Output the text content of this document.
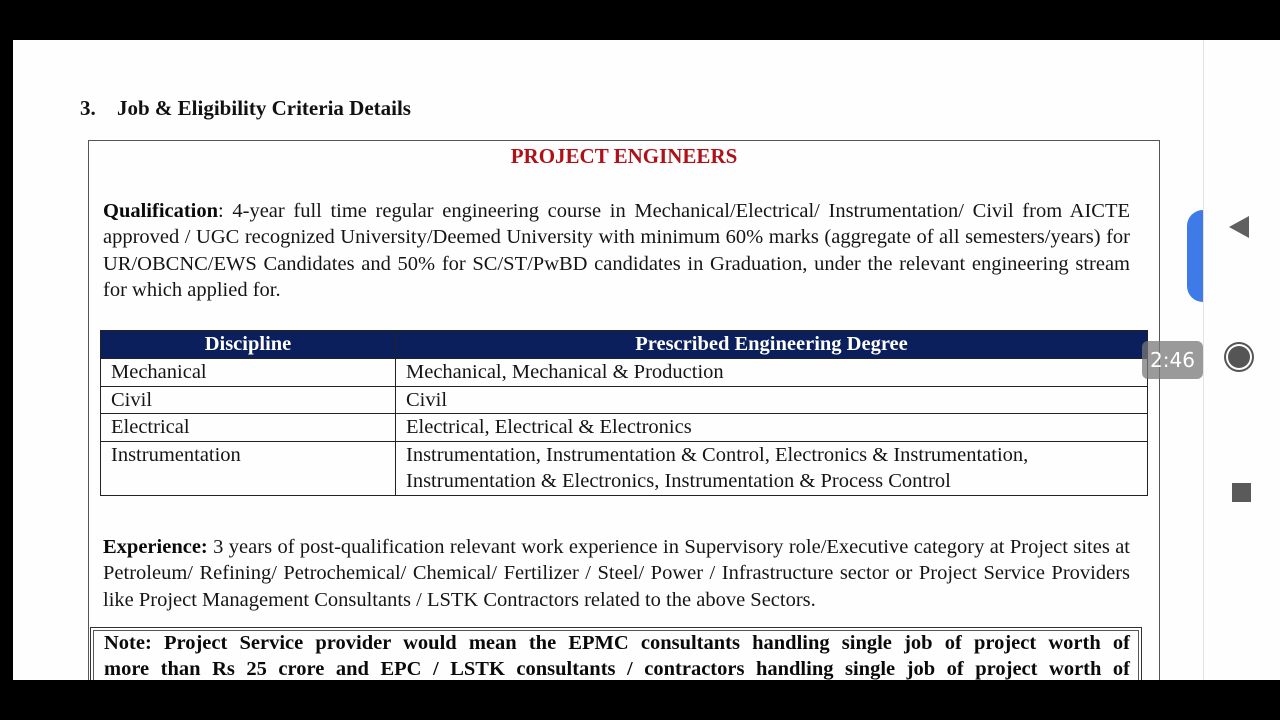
3. Job & Eligibility Criteria Details
PROJECT ENGINEERS
Qualification: 4-year full time regular engineering course in Mechanical/Electrical/ Instrumentation/ Civil from AICTE approved / UGC recognized University/Deemed University with minimum 60% marks (aggregate of all semesters/years) for UR/OBCNC/EWS Candidates and 50% for SC/ST/PwBD candidates in Graduation, under the relevant engineering stream for which applied for.
Discipline	Prescribed Engineering Degree
Mechanical	Mechanical, Mechanical & Production
Civil	Civil
Electrical	Electrical, Electrical & Electronics
Instrumentation	Instrumentation, Instrumentation & Control, Electronics & Instrumentation, Instrumentation & Electronics, Instrumentation & Process Control
Experience: 3 years of post-qualification relevant work experience in Supervisory role/Executive category at Project sites at Petroleum/ Refining/ Petrochemical/ Chemical/ Fertilizer / Steel/ Power / Infrastructure sector or Project Service Providers like Project Management Consultants / LSTK Contractors related to the above Sectors.
Note: Project Service provider would mean the EPMC consultants handling single job of project worth of
more than Rs 25 crore and EPC / LSTK consultants / contractors handling single job of project worth of
2:46
